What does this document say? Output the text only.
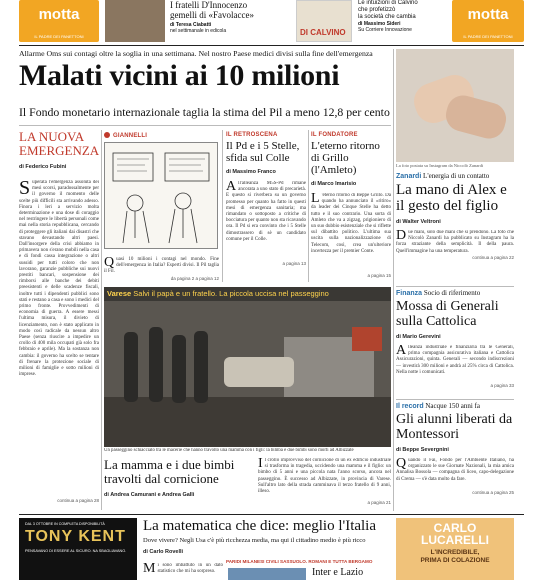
motta
IL PADRE DEI PANETTONI
I fratelli D'Innocenzo
gemelli di «Favolacce»
di Teresa Ciabatti
nel settimanale in edicola	DI CALVINO
Le intuizioni di Calvino
che profetizzò
la società che cambia
di Massimo Sideri
Su Corriere Innovazione
motta
IL PADRE DEI PANETTONI
Allarme Oms sui contagi oltre la soglia in una settimana. Nel nostro Paese medici divisi sulla fine dell'emergenza
Malati vicini ai 10 milioni
Il Fondo monetario internazionale taglia la stima del Pil a meno 12,8 per cento
LA NUOVA
EMERGENZA
di Federico Fubini
Superata l'emergenza assoluta dei mesi scorsi, paradossalmente per il governo il momento delle scelte più difficili sta arrivando adesso. Finora i leri a servizio molta determinazione e una dose di coraggio nel restringere le libertà personali come mai nella storia repubblicana, cercando di proteggere gli italiani dai disastri che stavano devastando altri paesi. Dall'insorgere della crisi abbiamo in primavera non s'erano mobili nella casa e di fondi cassa integrazione o altri sussidi per tutti coloro che non lavorano, garanzie pubbliche sui nuovi prestiti bancari, sospensione dei rimborsi alle banche dei debiti preesistenti e delle scadenze fiscali, inoltre tutti i dipendenti pubblici sono stati e restano a casa e sono i medici del primo fronte. Provvedimenti di economia di guerra. A essere messi l'ultima misura, il divieto di licenziamento, non è stato applicato in modo così radicale da nessun altro Paese (senza riuscire a impedire un crollo di 400 mila occupati già solo fra febbraio e aprile). Ma la sostanza non cambia: il governo ha scelto se tentare di frenare la protezione sociale di milioni di famiglie e sotto milioni di imprese.
continua a pagina 28
GIANNELLI
Quasi 10 milioni i contagi nel mondo. Fine dell'emergenza in Italia? Esperti divisi. Il Pil taglia il Fil.
da pagina 2 a pagina 12
IL RETROSCENA
Il Pd e i 5 Stelle, sfida sul Colle
di Massimo Franco
All'alleanza M5S-Pd rimane ancorata a uno stato di precarietà. E questo si riverbera su un governo promesso per quanto ha fatto in questi mesi di emergenza sanitaria; ma rimandato o sottoposto a critiche di bocciatura per quanto non sta ricavando ora. Il Pd si era convinto che i 5 Stelle dimostrassero di sè un candidato comune per il Colle.
a pagina 13
IL FONDATORE
L'eterno ritorno di Grillo (l'Amleto)
di Marco Imarisio
L 'eterno ritorno di Beppe Grillo. Da quando ha annunciato il «ritiro» da leader dei Cinque Stelle ha detto tutto e il suo contrario. Una sorta di Amleto che va a zigzag, prigioniero di un suo dubbio esistenziale che si riflette sul dibattito politico. L'ultima sua uscita sulla nazionalizzazione di Telecom, così, crea un'ulteriore incertezza per il premier Conte.
a pagina 15
Varese Salvi il papà e un fratello. La piccola uccisa nel passeggino
Un passeggino schiacciato tra le macerie che hanno travolto una mamma con i figli: la bimba è due bimbi sono morti ad Albizzate
La mamma e i due bimbi travolti dal cornicione
di Andrea Camurani e Andrea Galli
Il crollo improvviso del cornicione di un ex edificio industriale si trasforma in tragedia, uccidendo una mamma e il figlio: un bimbo di 5 anni e una piccola nata l'anno scorso, ancora nel passeggino. È successo ad Albizzate, in provincia di Varese. Sull'altro lato della strada camminava il terzo fratello di 9 anni, illeso.
a pagina 21
La foto postata su Instagram da Niccolò Zanardi
Zanardi L'energia di un contatto
La mano di Alex e il gesto del figlio
di Walter Veltroni
Due mani, solo due mani che si prendono. La foto che Niccolò Zanardi ha pubblicato su Instagram ha la forza straziante della semplicità. Il della paura. Quell'immagine ha una temperatura.
continua a pagina 22
Finanza Socio di riferimento
Mossa di Generali sulla Cattolica
di Mario Gerevini
Alleanza industriale e finanziaria tra le Generali, prima compagnia assicurativa italiana e Cattolica Assicurazioni, quinta. Generali — secondo indiscrezioni — investirà 300 milioni e andrà al 25% circa di Cattolica. Nella notte i comunicati.
a pagina 33
Il record Nacque 150 anni fa
Gli alunni liberati da Montessori
di Beppe Severgnini
Quando il Fai, Fondo per l'Ambiente Italiano, ha organizzato le sue Giornate Nazionali, la mia amica Annalisa Bossola — compagna di liceo, capo-delegazione di Crema — s'è data molto da fare.
continua a pagina 25
DAL 3 OTTOBRE IN COMPLETA DISPONIBILITÀ
TONY KENT
PENSAVANO DI ESSERE AL SICURO. NA SBAGLIAVANO.
La matematica che dice: meglio l'Italia
Dove vivere? Negli Usa c'è più ricchezza media, ma qui il cittadino medio è più ricco
di Carlo Rovelli
Mi sono imbattuto in un dato statistico che mi ha sorpreso.
PARIDI MILANESI CIVILI SASSUOLO. ROMANI E TUTTA BERGAMO
Inter e Lazio
CARLO
LUCARELLI
L'INCREDIBILE,
PRIMA DI COLAZIONE
